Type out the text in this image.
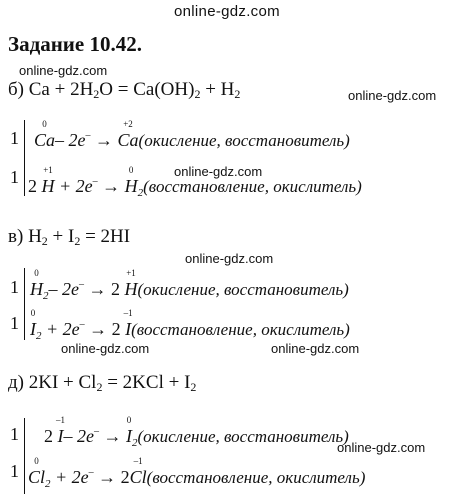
online-gdz.com
online-gdz.com
online-gdz.com
online-gdz.com
online-gdz.com
online-gdz.com	online-gdz.com
online-gdz.com
Задание 10.42.
б) $Ca + 2H_2O = Ca(OH)_2 + H_2$
1
1
Ca
0
– 2e– → Ca
+2
(окисление, восстановитель)
2 H
+1
+ 2e– → H
0
$_2$(восстановление, окислитель)
в) $H_2 + I_2 = 2HI$
1
1
H
0
$_2$– 2e– → 2 H
+1
(окисление, восстановитель)
I
0
$_2$ + 2e– → 2 I
–1
(восстановление, окислитель)
д) $2KI + Cl_2 = 2KCl + I_2$
1
1
2 I
–1
– 2e– → I
0
$_2$(окисление, восстановитель)
Cl
0
$_2$ + 2e– → 2Cl
–1
(восстановление, окислитель)
